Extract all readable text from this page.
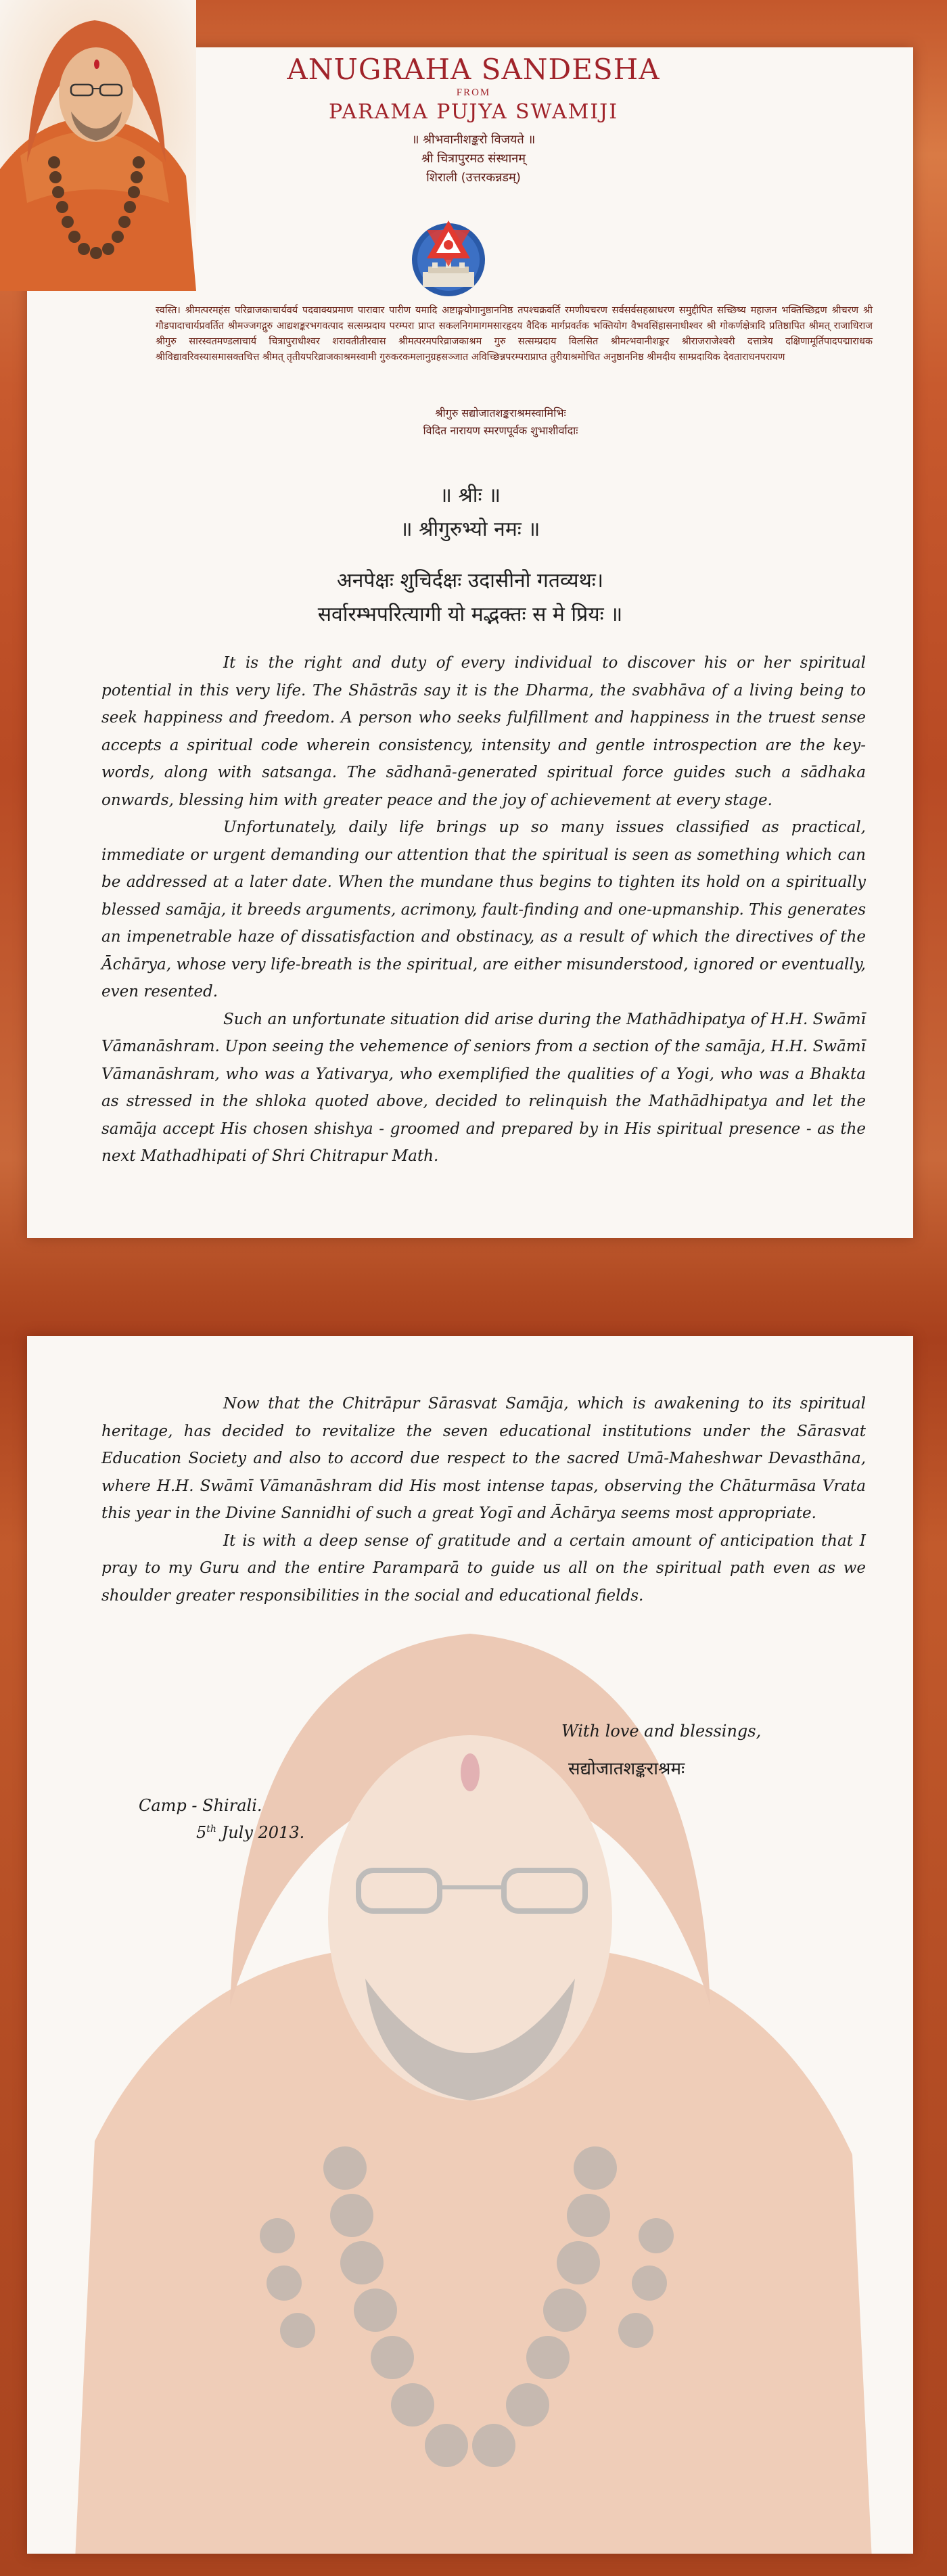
ANUGRAHA SANDESHA
FROM
PARAMA PUJYA SWAMIJI
॥ श्रीभवानीशङ्करो विजयते ॥
श्री चित्रापुरमठ संस्थानम्
शिराली (उत्तरकन्नडम्)
स्वस्ति। श्रीमत्परमहंस परिव्राजकाचार्यवर्य पदवाक्यप्रमाण पारावार पारीण यमादि अष्टाङ्गयोगानुष्ठाननिष्ठ तपश्चक्रवर्ति रमणीयचरण सर्वसर्वसहस्राधरण समुद्दीपित सच्छिष्य महाजन भक्तिच्छिद्रण श्रीचरण श्री गौडपादाचार्यप्रवर्तित श्रीमज्जगद्गुरु आद्यशङ्करभगवत्पाद सत्सम्प्रदाय परम्परा प्राप्त सकलनिगमागमसारहृदय वैदिक मार्गप्रवर्तक भक्तियोग वैभवसिंहासनाधीश्वर श्री गोकर्णक्षेत्रादि प्रतिष्ठापित श्रीमत् राजाधिराज श्रीगुरु सारस्वतमण्डलाचार्य चित्रापुराधीश्वर शरावतीतीरवास श्रीमत्परमपरिव्राजकाश्रम गुरु सत्सम्प्रदाय विलसित श्रीमत्भवानीशङ्कर श्रीराजराजेश्वरी दत्तात्रेय दक्षिणामूर्तिपादपद्माराधक श्रीविद्यावरिवस्यासमासक्तचित्त श्रीमत् तृतीयपरिव्राजकाश्रमस्वामी गुरुकरकमलानुग्रहसञ्जात अविच्छिन्नपरम्पराप्राप्त तुरीयाश्रमोचित अनुष्ठाननिष्ठ श्रीमदीय साम्प्रदायिक देवताराधनपरायण
श्रीगुरु सद्योजातशङ्कराश्रमस्वामिभिः
विदित नारायण स्मरणपूर्वक शुभाशीर्वादाः
॥ श्रीः ॥
॥ श्रीगुरुभ्यो नमः ॥
अनपेक्षः शुचिर्दक्षः उदासीनो गतव्यथः।
सर्वारम्भपरित्यागी यो मद्भक्तः स मे प्रियः ॥

It is the right and duty of every individual to discover his or her spiritual potential in this very life. The Shāstrās say it is the Dharma, the svabhāva of a living being to seek happiness and freedom. A person who seeks fulfillment and happiness in the truest sense accepts a spiritual code wherein consistency, intensity and gentle introspection are the key-words, along with satsanga. The sādhanā-generated spiritual force guides such a sādhaka onwards, blessing him with greater peace and the joy of achievement at every stage.

Unfortunately, daily life brings up so many issues classified as practical, immediate or urgent demanding our attention that the spiritual is seen as something which can be addressed at a later date. When the mundane thus begins to tighten its hold on a spiritually blessed samāja, it breeds arguments, acrimony, fault-finding and one-upmanship. This generates an impenetrable haze of dissatisfaction and obstinacy, as a result of which the directives of the Āchārya, whose very life-breath is the spiritual, are either misunderstood, ignored or eventually, even resented.

Such an unfortunate situation did arise during the Mathādhipatya of H.H. Swāmī Vāmanāshram. Upon seeing the vehemence of seniors from a section of the samāja, H.H. Swāmī Vāmanāshram, who was a Yativarya, who exemplified the qualities of a Yogi, who was a Bhakta as stressed in the shloka quoted above, decided to relinquish the Mathādhipatya and let the samāja accept His chosen shishya - groomed and prepared by in His spiritual presence - as the next Mathadhipati of Shri Chitrapur Math.

Now that the Chitrāpur Sārasvat Samāja, which is awakening to its spiritual heritage, has decided to revitalize the seven educational institutions under the Sārasvat Education Society and also to accord due respect to the sacred Umā-Maheshwar Devasthāna, where H.H. Swāmī Vāmanāshram did His most intense tapas, observing the Chāturmāsa Vrata this year in the Divine Sannidhi of such a great Yogī and Āchārya seems most appropriate.

It is with a deep sense of gratitude and a certain amount of anticipation that I pray to my Guru and the entire Paramparā to guide us all on the spiritual path even as we shoulder greater responsibilities in the social and educational fields.

With love and blessings,
सद्योजातशङ्कराश्रमः
Camp - Shirali.
5th July 2013.
